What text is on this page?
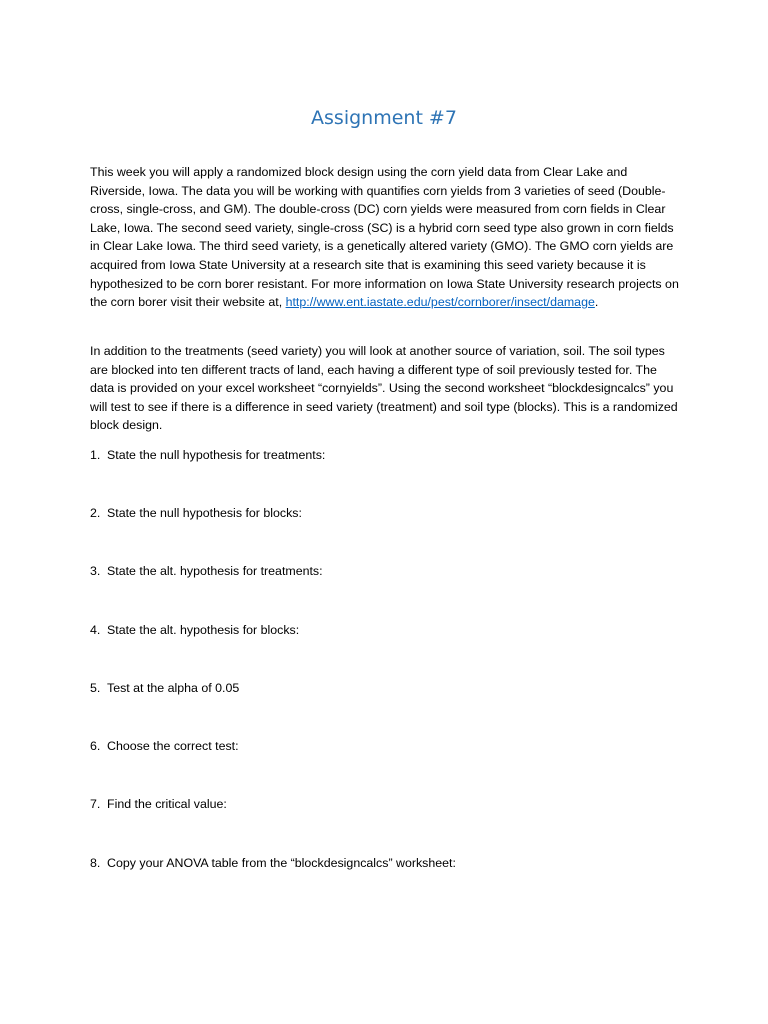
Assignment #7

This week you will apply a randomized block design using the corn yield data from Clear Lake and Riverside, Iowa. The data you will be working with quantifies corn yields from 3 varieties of seed (Double-cross, single-cross, and GM). The double-cross (DC) corn yields were measured from corn fields in Clear Lake, Iowa. The second seed variety, single-cross (SC) is a hybrid corn seed type also grown in corn fields in Clear Lake Iowa. The third seed variety, is a genetically altered variety (GMO). The GMO corn yields are acquired from Iowa State University at a research site that is examining this seed variety because it is hypothesized to be corn borer resistant. For more information on Iowa State University research projects on the corn borer visit their website at, http://www.ent.iastate.edu/pest/cornborer/insect/damage.

In addition to the treatments (seed variety) you will look at another source of variation, soil. The soil types are blocked into ten different tracts of land, each having a different type of soil previously tested for. The data is provided on your excel worksheet “cornyields”. Using the second worksheet “blockdesigncalcs” you will test to see if there is a difference in seed variety (treatment) and soil type (blocks). This is a randomized block design.

1. State the null hypothesis for treatments:

2. State the null hypothesis for blocks:

3. State the alt. hypothesis for treatments:

4. State the alt. hypothesis for blocks:

5. Test at the alpha of 0.05

6. Choose the correct test:

7. Find the critical value:

8. Copy your ANOVA table from the “blockdesigncalcs” worksheet:
